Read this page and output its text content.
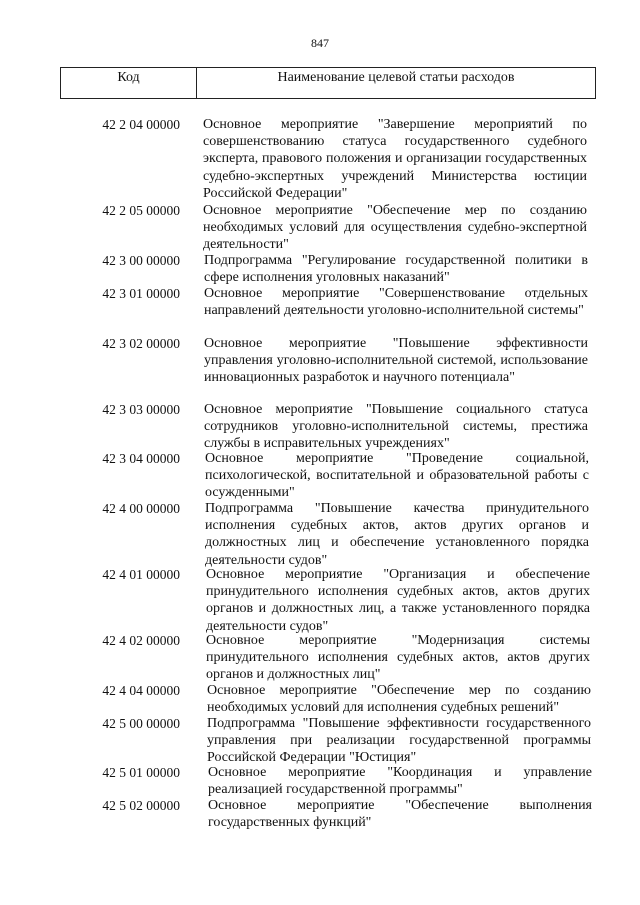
847
Код	Наименование целевой статьи расходов
42 2 04 00000 Основное мероприятие "Завершение мероприятий по совершенствованию статуса государственного судебного эксперта, правового положения и организации государственных судебно-экспертных учреждений Министерства юстиции Российской Федерации"
42 2 05 00000 Основное мероприятие "Обеспечение мер по созданию необходимых условий для осуществления судебно-экспертной деятельности"
42 3 00 00000 Подпрограмма "Регулирование государственной политики в сфере исполнения уголовных наказаний"
42 3 01 00000 Основное мероприятие "Совершенствование отдельных направлений деятельности уголовно-исполнительной системы"
42 3 02 00000 Основное мероприятие "Повышение эффективности управления уголовно-исполнительной системой, использование инновационных разработок и научного потенциала"
42 3 03 00000 Основное мероприятие "Повышение социального статуса сотрудников уголовно-исполнительной системы, престижа службы в исправительных учреждениях"
42 3 04 00000 Основное мероприятие "Проведение социальной, психологической, воспитательной и образовательной работы с осужденными"
42 4 00 00000 Подпрограмма "Повышение качества принудительного исполнения судебных актов, актов других органов и должностных лиц и обеспечение установленного порядка деятельности судов"
42 4 01 00000 Основное мероприятие "Организация и обеспечение принудительного исполнения судебных актов, актов других органов и должностных лиц, а также установленного порядка деятельности судов"
42 4 02 00000 Основное мероприятие "Модернизация системы принудительного исполнения судебных актов, актов других органов и должностных лиц"
42 4 04 00000 Основное мероприятие "Обеспечение мер по созданию необходимых условий для исполнения судебных решений"
42 5 00 00000 Подпрограмма "Повышение эффективности государственного управления при реализации государственной программы Российской Федерации "Юстиция"
42 5 01 00000 Основное мероприятие "Координация и управление реализацией государственной программы"
42 5 02 00000 Основное мероприятие "Обеспечение выполнения государственных функций"
